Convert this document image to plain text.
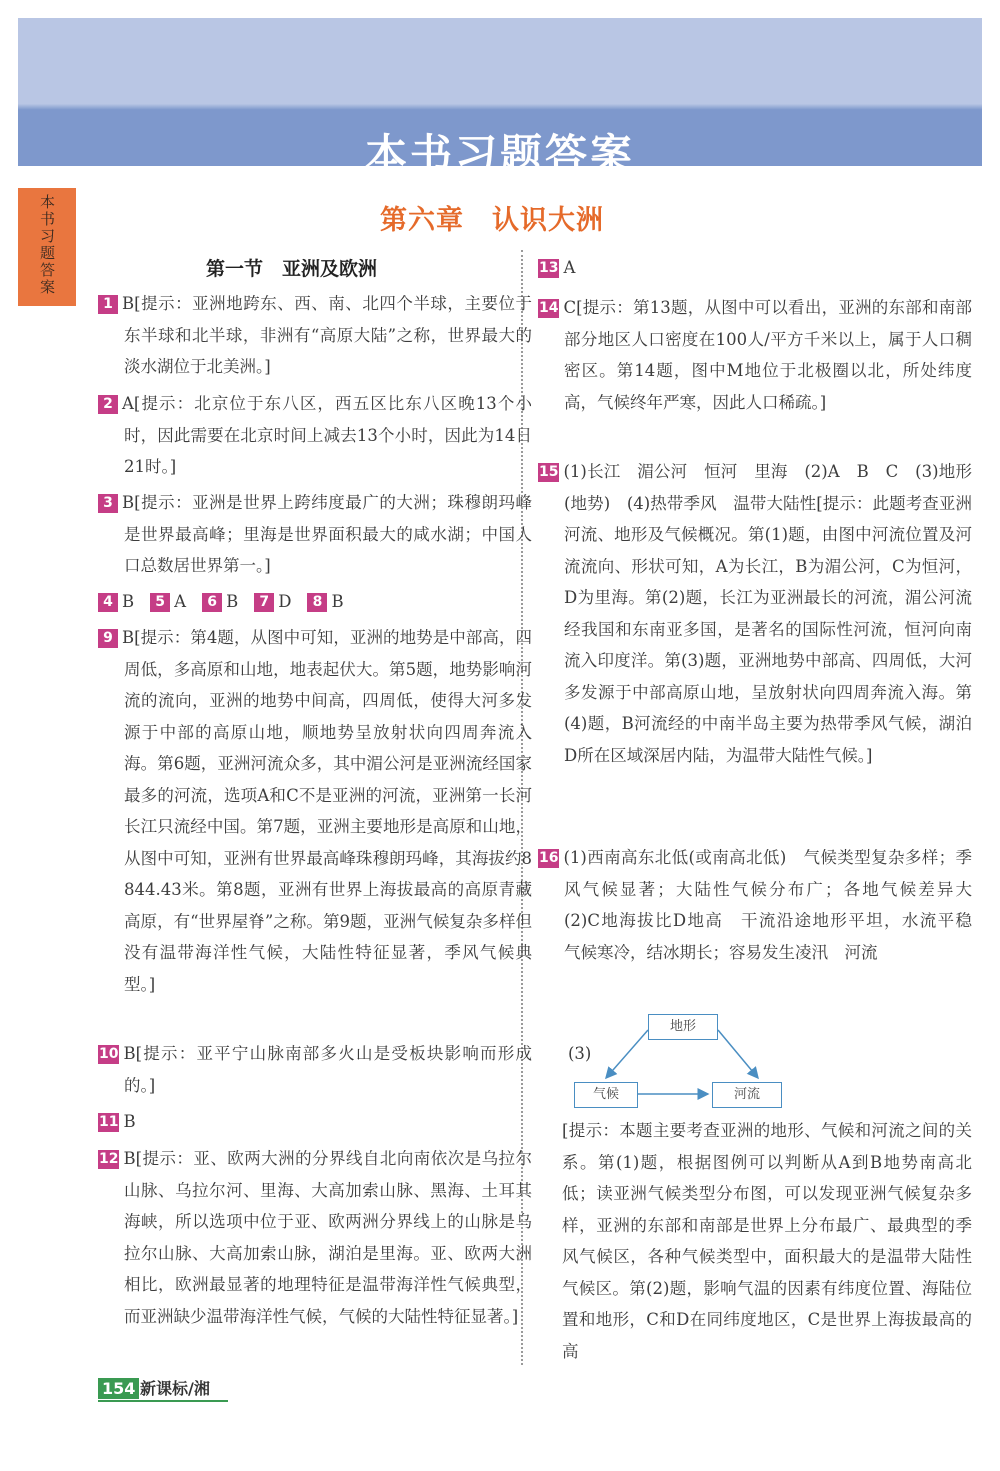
本书习题答案
本书习题答案
第六章　认识大洲
第一节　亚洲及欧洲
1 B[提示：亚洲地跨东、西、南、北四个半球，主要位于东半球和北半球，非洲有“高原大陆”之称，世界最大的淡水湖位于北美洲。]
2 A[提示：北京位于东八区，西五区比东八区晚13个小时，因此需要在北京时间上减去13个小时，因此为14日21时。]
3 B[提示：亚洲是世界上跨纬度最广的大洲；珠穆朗玛峰是世界最高峰；里海是世界面积最大的咸水湖；中国人口总数居世界第一。]
4 B 5 A 6 B 7 D 8 B
9 B[提示：第4题，从图中可知，亚洲的地势是中部高，四周低，多高原和山地，地表起伏大。第5题，地势影响河流的流向，亚洲的地势中间高，四周低，使得大河多发源于中部的高原山地，顺地势呈放射状向四周奔流入海。第6题，亚洲河流众多，其中湄公河是亚洲流经国家最多的河流，选项A和C不是亚洲的河流，亚洲第一长河长江只流经中国。第7题，亚洲主要地形是高原和山地，从图中可知，亚洲有世界最高峰珠穆朗玛峰，其海拔约8 844.43米。第8题，亚洲有世界上海拔最高的高原青藏高原，有“世界屋脊”之称。第9题，亚洲气候复杂多样但没有温带海洋性气候，大陆性特征显著，季风气候典型。]
10 B[提示：亚平宁山脉南部多火山是受板块影响而形成的。]
11 B
12 B[提示：亚、欧两大洲的分界线自北向南依次是乌拉尔山脉、乌拉尔河、里海、大高加索山脉、黑海、土耳其海峡，所以选项中位于亚、欧两洲分界线上的山脉是乌拉尔山脉、大高加索山脉，湖泊是里海。亚、欧两大洲相比，欧洲最显著的地理特征是温带海洋性气候典型，而亚洲缺少温带海洋性气候，气候的大陆性特征显著。]
13 A
14 C[提示：第13题，从图中可以看出，亚洲的东部和南部部分地区人口密度在100人/平方千米以上，属于人口稠密区。第14题，图中M地位于北极圈以北，所处纬度高，气候终年严寒，因此人口稀疏。]
15 (1)长江　湄公河　恒河　里海　(2)A　B　C　(3)地形(地势)　(4)热带季风　温带大陆性[提示：此题考查亚洲河流、地形及气候概况。第(1)题，由图中河流位置及河流流向、形状可知，A为长江，B为湄公河，C为恒河，D为里海。第(2)题，长江为亚洲最长的河流，湄公河流经我国和东南亚多国，是著名的国际性河流，恒河向南流入印度洋。第(3)题，亚洲地势中部高、四周低，大河多发源于中部高原山地，呈放射状向四周奔流入海。第(4)题，B河流经的中南半岛主要为热带季风气候，湖泊D所在区域深居内陆，为温带大陆性气候。]
16 (1)西南高东北低(或南高北低)　气候类型复杂多样；季风气候显著；大陆性气候分布广；各地气候差异大　(2)C地海拔比D地高　干流沿途地形平坦，水流平稳　气候寒冷，结冰期长；容易发生凌汛　河流
(3)
地形
气候	河流
[提示：本题主要考查亚洲的地形、气候和河流之间的关系。第(1)题，根据图例可以判断从A到B地势南高北低；读亚洲气候类型分布图，可以发现亚洲气候复杂多样，亚洲的东部和南部是世界上分布最广、最典型的季风气候区，各种气候类型中，面积最大的是温带大陆性气候区。第(2)题，影响气温的因素有纬度位置、海陆位置和地形，C和D在同纬度地区，C是世界上海拔最高的高
154 新课标/湘
